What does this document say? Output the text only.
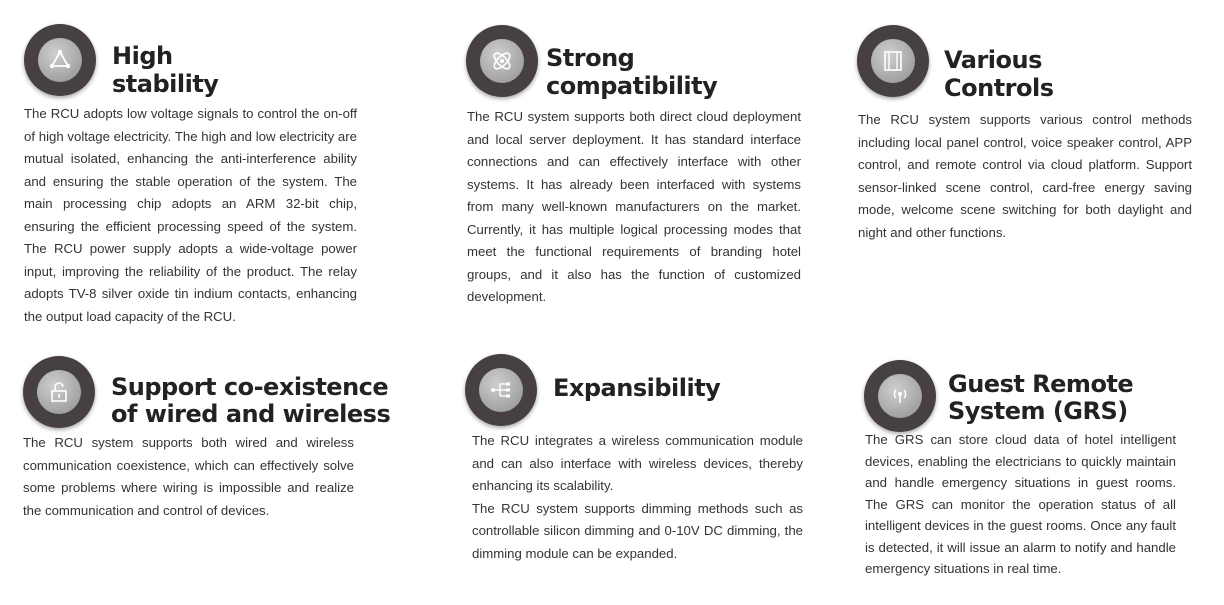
High stability

The RCU adopts low voltage signals to control the on-off of high voltage electricity. The high and low electricity are mutual isolated, enhancing the anti-interference ability and ensuring the stable operation of the system. The main processing chip adopts an ARM 32-bit chip, ensuring the efficient processing speed of the system. The RCU power supply adopts a wide-voltage power input, improving the reliability of the product. The relay adopts TV-8 silver oxide tin indium contacts, enhancing the output load capacity of the RCU.

Strong compatibility

The RCU system supports both direct cloud deployment and local server deployment. It has standard interface connections and can effectively interface with other systems. It has already been interfaced with systems from many well-known manufacturers on the market. Currently, it has multiple logical processing modes that meet the functional requirements of branding hotel groups, and it also has the function of customized development.

Various Controls

The RCU system supports various control methods including local panel control, voice speaker control, APP control, and remote control via cloud platform. Support sensor-linked scene control, card-free energy saving mode, welcome scene switching for both daylight and night and other functions.

Support co-existence of wired and wireless

The RCU system supports both wired and wireless communication coexistence, which can effectively solve some problems where wiring is impossible and realize the communication and control of devices.

Expansibility

The RCU integrates a wireless communication module and can also interface with wireless devices, thereby enhancing its scalability.

The RCU system supports dimming methods such as controllable silicon dimming and 0-10V DC dimming, the dimming module can be expanded.

Guest Remote System (GRS)

The GRS can store cloud data of hotel intelligent devices, enabling the electricians to quickly maintain and handle emergency situations in guest rooms. The GRS can monitor the operation status of all intelligent devices in the guest rooms. Once any fault is detected, it will issue an alarm to notify and handle emergency situations in real time.
